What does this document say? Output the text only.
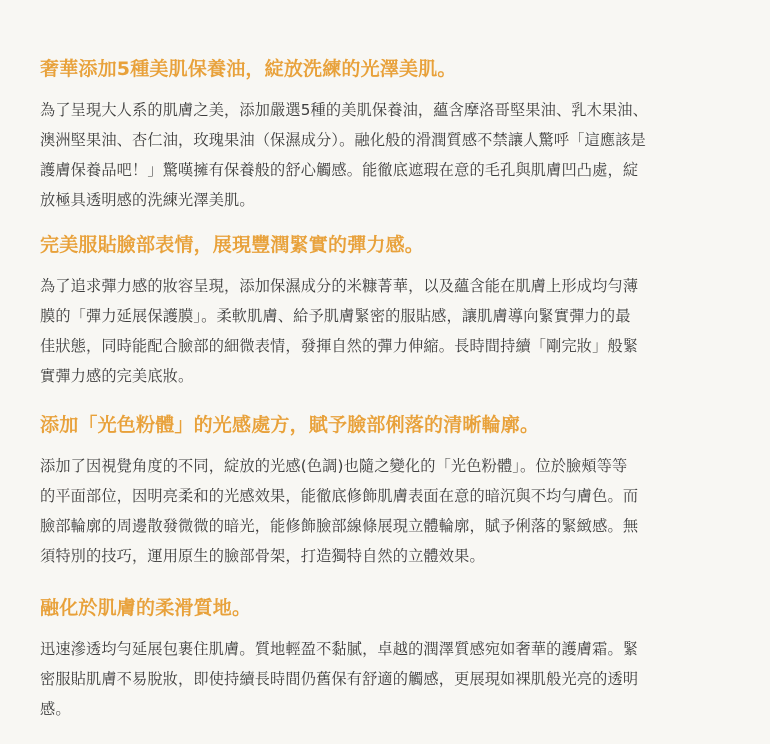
奢華添加5種美肌保養油，綻放洗練的光澤美肌。

為了呈現大人系的肌膚之美，添加嚴選5種的美肌保養油，蘊含摩洛哥堅果油、乳木果油、
澳洲堅果油、杏仁油，玫瑰果油（保濕成分）。融化般的滑潤質感不禁讓人驚呼「這應該是
護膚保養品吧！」驚嘆擁有保養般的舒心觸感。能徹底遮瑕在意的毛孔與肌膚凹凸處，綻
放極具透明感的洗練光澤美肌。

完美服貼臉部表情，展現豐潤緊實的彈力感。

為了追求彈力感的妝容呈現，添加保濕成分的米糠菁華，以及蘊含能在肌膚上形成均勻薄
膜的「彈力延展保護膜」。柔軟肌膚、給予肌膚緊密的服貼感，讓肌膚導向緊實彈力的最
佳狀態，同時能配合臉部的細微表情，發揮自然的彈力伸縮。長時間持續「剛完妝」般緊
實彈力感的完美底妝。

添加「光色粉體」的光感處方，賦予臉部俐落的清晰輪廓。

添加了因視覺角度的不同，綻放的光感(色調)也隨之變化的「光色粉體」。位於臉頰等等
的平面部位，因明亮柔和的光感效果，能徹底修飾肌膚表面在意的暗沉與不均勻膚色。而
臉部輪廓的周邊散發微微的暗光，能修飾臉部線條展現立體輪廓，賦予俐落的緊緻感。無
須特別的技巧，運用原生的臉部骨架，打造獨特自然的立體效果。

融化於肌膚的柔滑質地。

迅速滲透均勻延展包裹住肌膚。質地輕盈不黏膩，卓越的潤澤質感宛如奢華的護膚霜。緊
密服貼肌膚不易脫妝，即使持續長時間仍舊保有舒適的觸感，更展現如裸肌般光亮的透明
感。
